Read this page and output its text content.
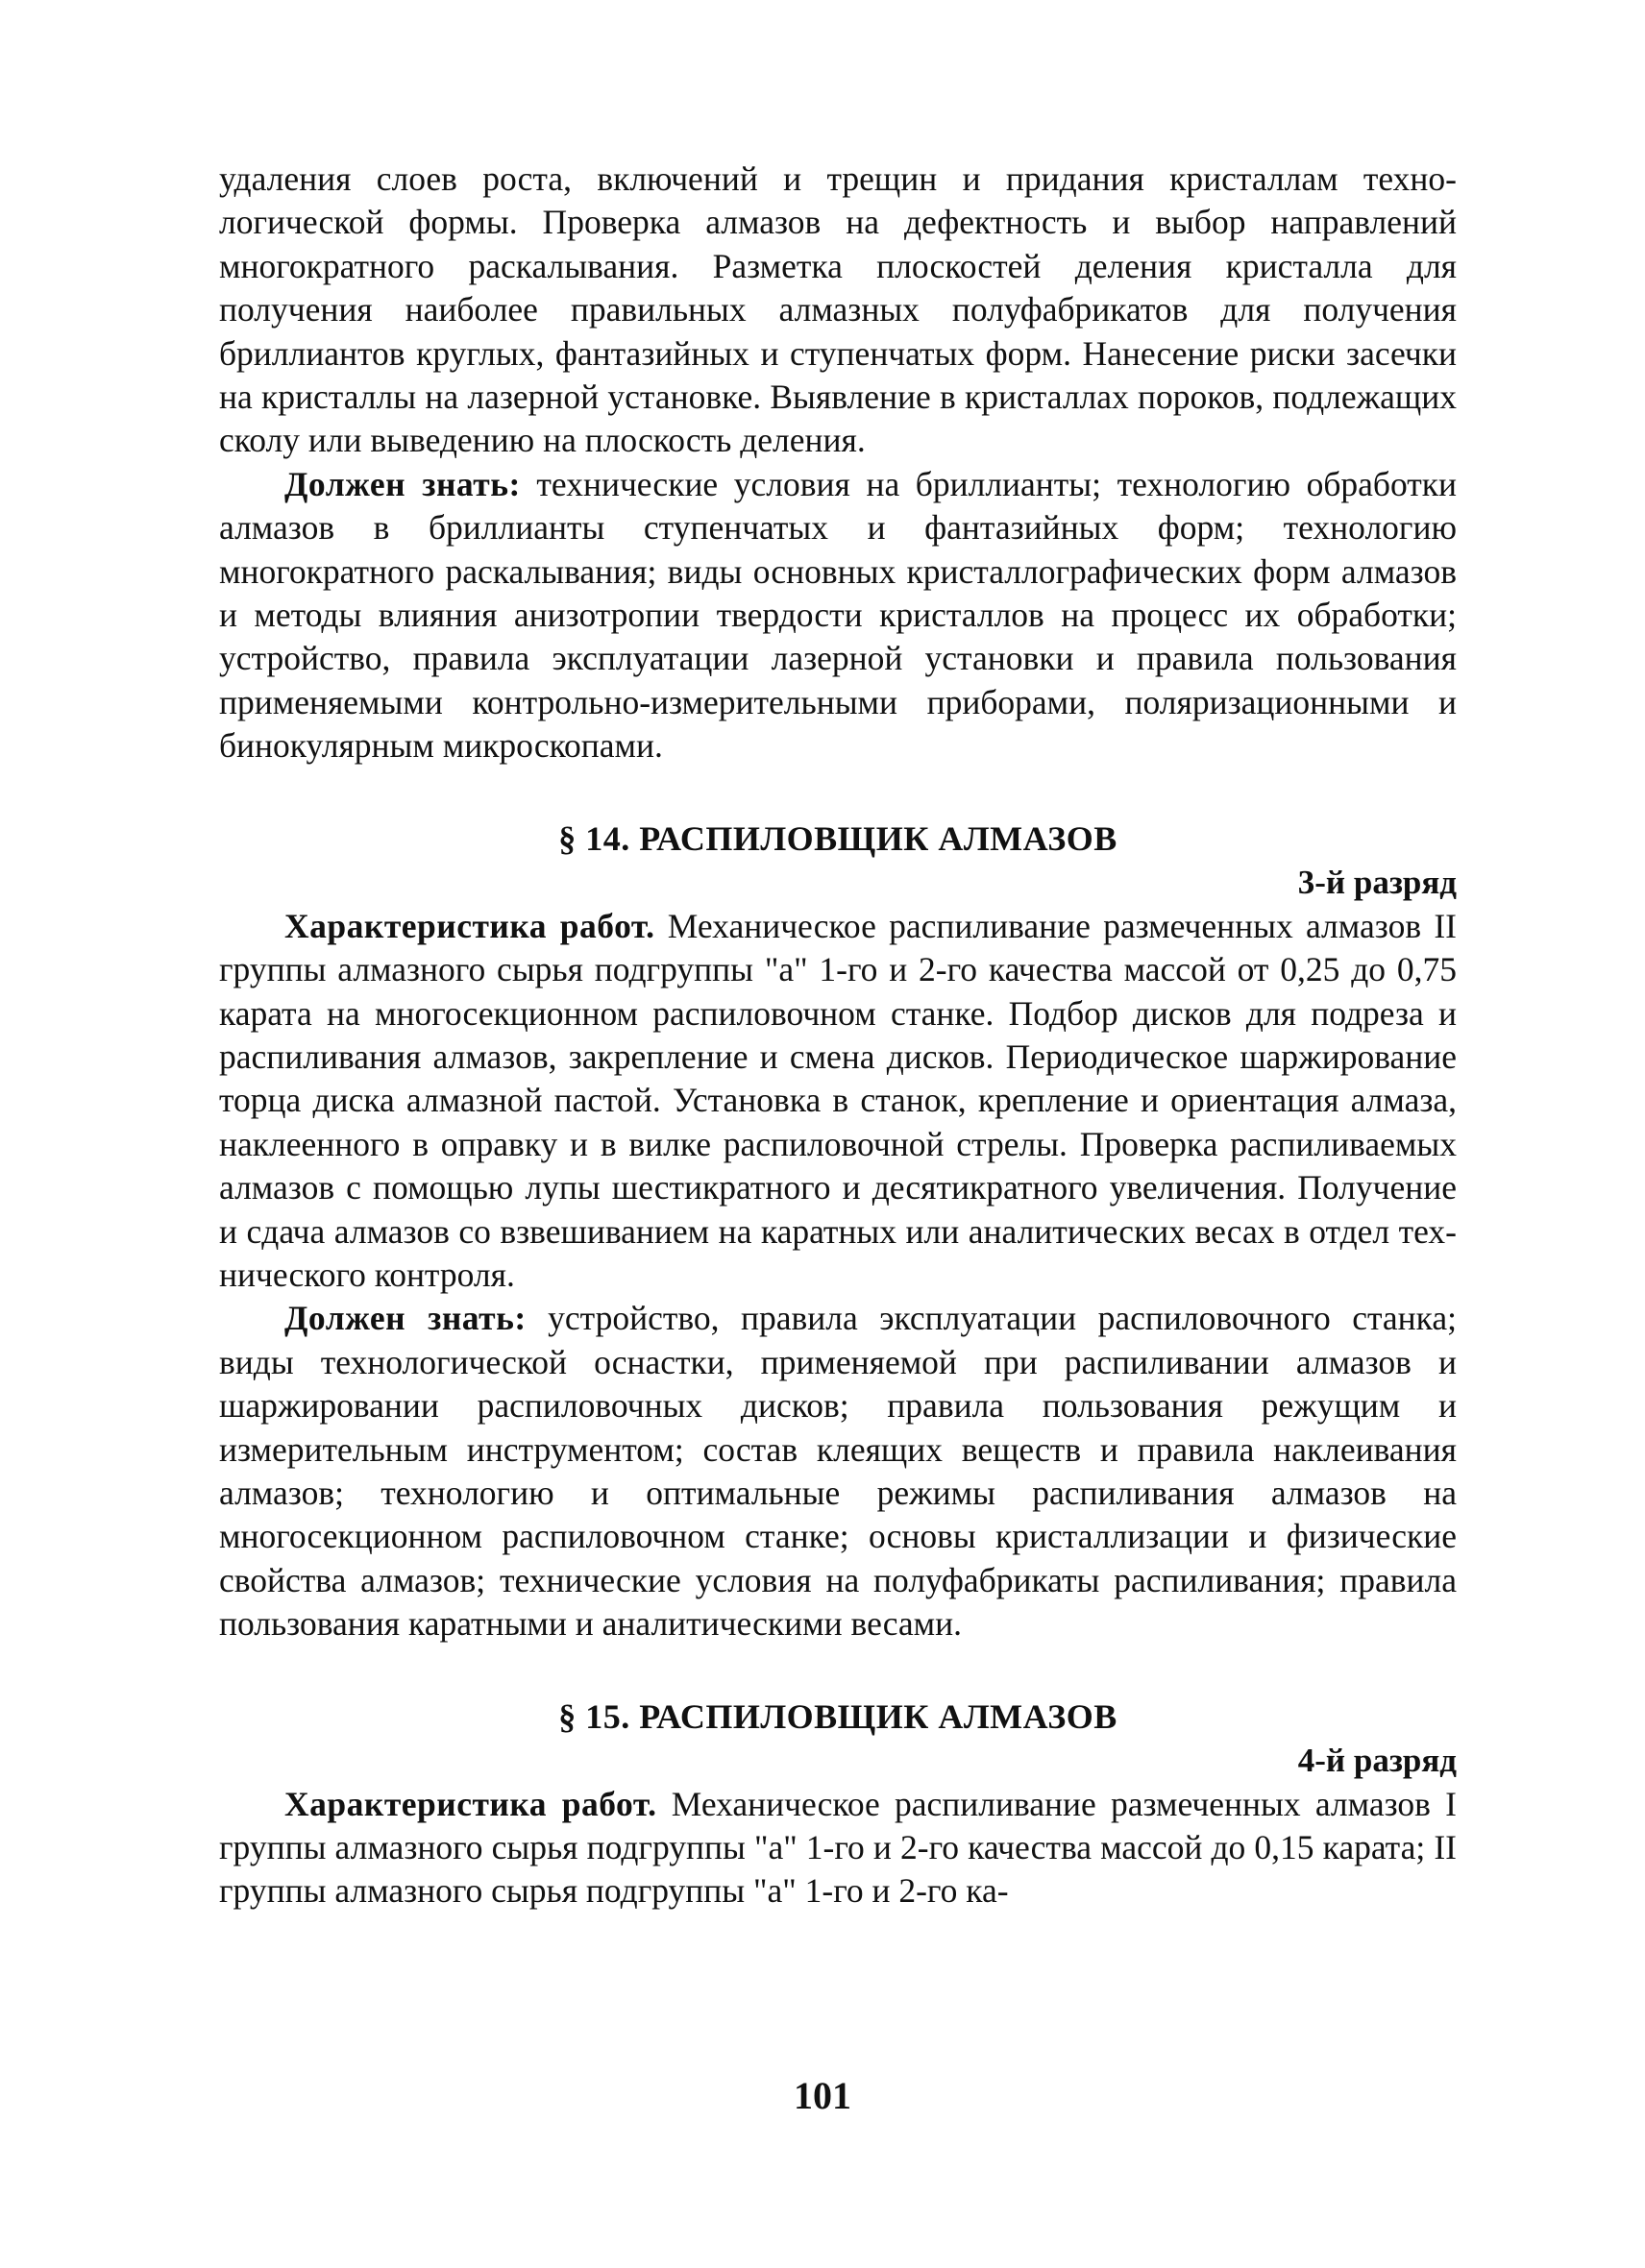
удаления слоев роста, включений и трещин и придания кристаллам технологической формы. Проверка алмазов на дефектность и выбор направлений многократного раскалывания. Разметка плоскостей деления кристалла для получения наиболее правильных алмазных полуфабрикатов для получения бриллиантов круглых, фантазийных и ступенчатых форм. Нанесение риски засечки на кристаллы на лазерной установке. Выявление в кристаллах пороков, подлежащих сколу или выведению на плоскость деления.

Должен знать: технические условия на бриллианты; технологию обработки алмазов в бриллианты ступенчатых и фантазийных форм; технологию многократного раскалывания; виды основных кристаллографических форм алмазов и методы влияния анизотропии твердости кристаллов на процесс их обработки; устройство, правила эксплуатации лазерной установки и правила пользования применяемыми контрольно-измерительными приборами, поляризационными и бинокулярным микроскопами.

§ 14. РАСПИЛОВЩИК АЛМАЗОВ
3-й разряд

Характеристика работ. Механическое распиливание размеченных алмазов II группы алмазного сырья подгруппы "а" 1-го и 2-го качества массой от 0,25 до 0,75 карата на многосекционном распиловочном станке. Подбор дисков для подреза и распиливания алмазов, закрепление и смена дисков. Периодическое шаржирование торца диска алмазной пастой. Установка в станок, крепление и ориентация алмаза, наклеенного в оправку и в вилке распиловочной стрелы. Проверка распиливаемых алмазов с помощью лупы шестикратного и десятикратного увеличения. Получение и сдача алмазов со взвешиванием на каратных или аналитических весах в отдел технического контроля.

Должен знать: устройство, правила эксплуатации распиловочного станка; виды технологической оснастки, применяемой при распиливании алмазов и шаржировании распиловочных дисков; правила пользования режущим и измерительным инструментом; состав клеящих веществ и правила наклеивания алмазов; технологию и оптимальные режимы распиливания алмазов на многосекционном распиловочном станке; основы кристаллизации и физические свойства алмазов; технические условия на полуфабрикаты распиливания; правила пользования каратными и аналитическими весами.

§ 15. РАСПИЛОВЩИК АЛМАЗОВ
4-й разряд

Характеристика работ. Механическое распиливание размеченных алмазов I группы алмазного сырья подгруппы "а" 1-го и 2-го качества массой до 0,15 карата; II группы алмазного сырья подгруппы "а" 1-го и 2-го ка-

101
